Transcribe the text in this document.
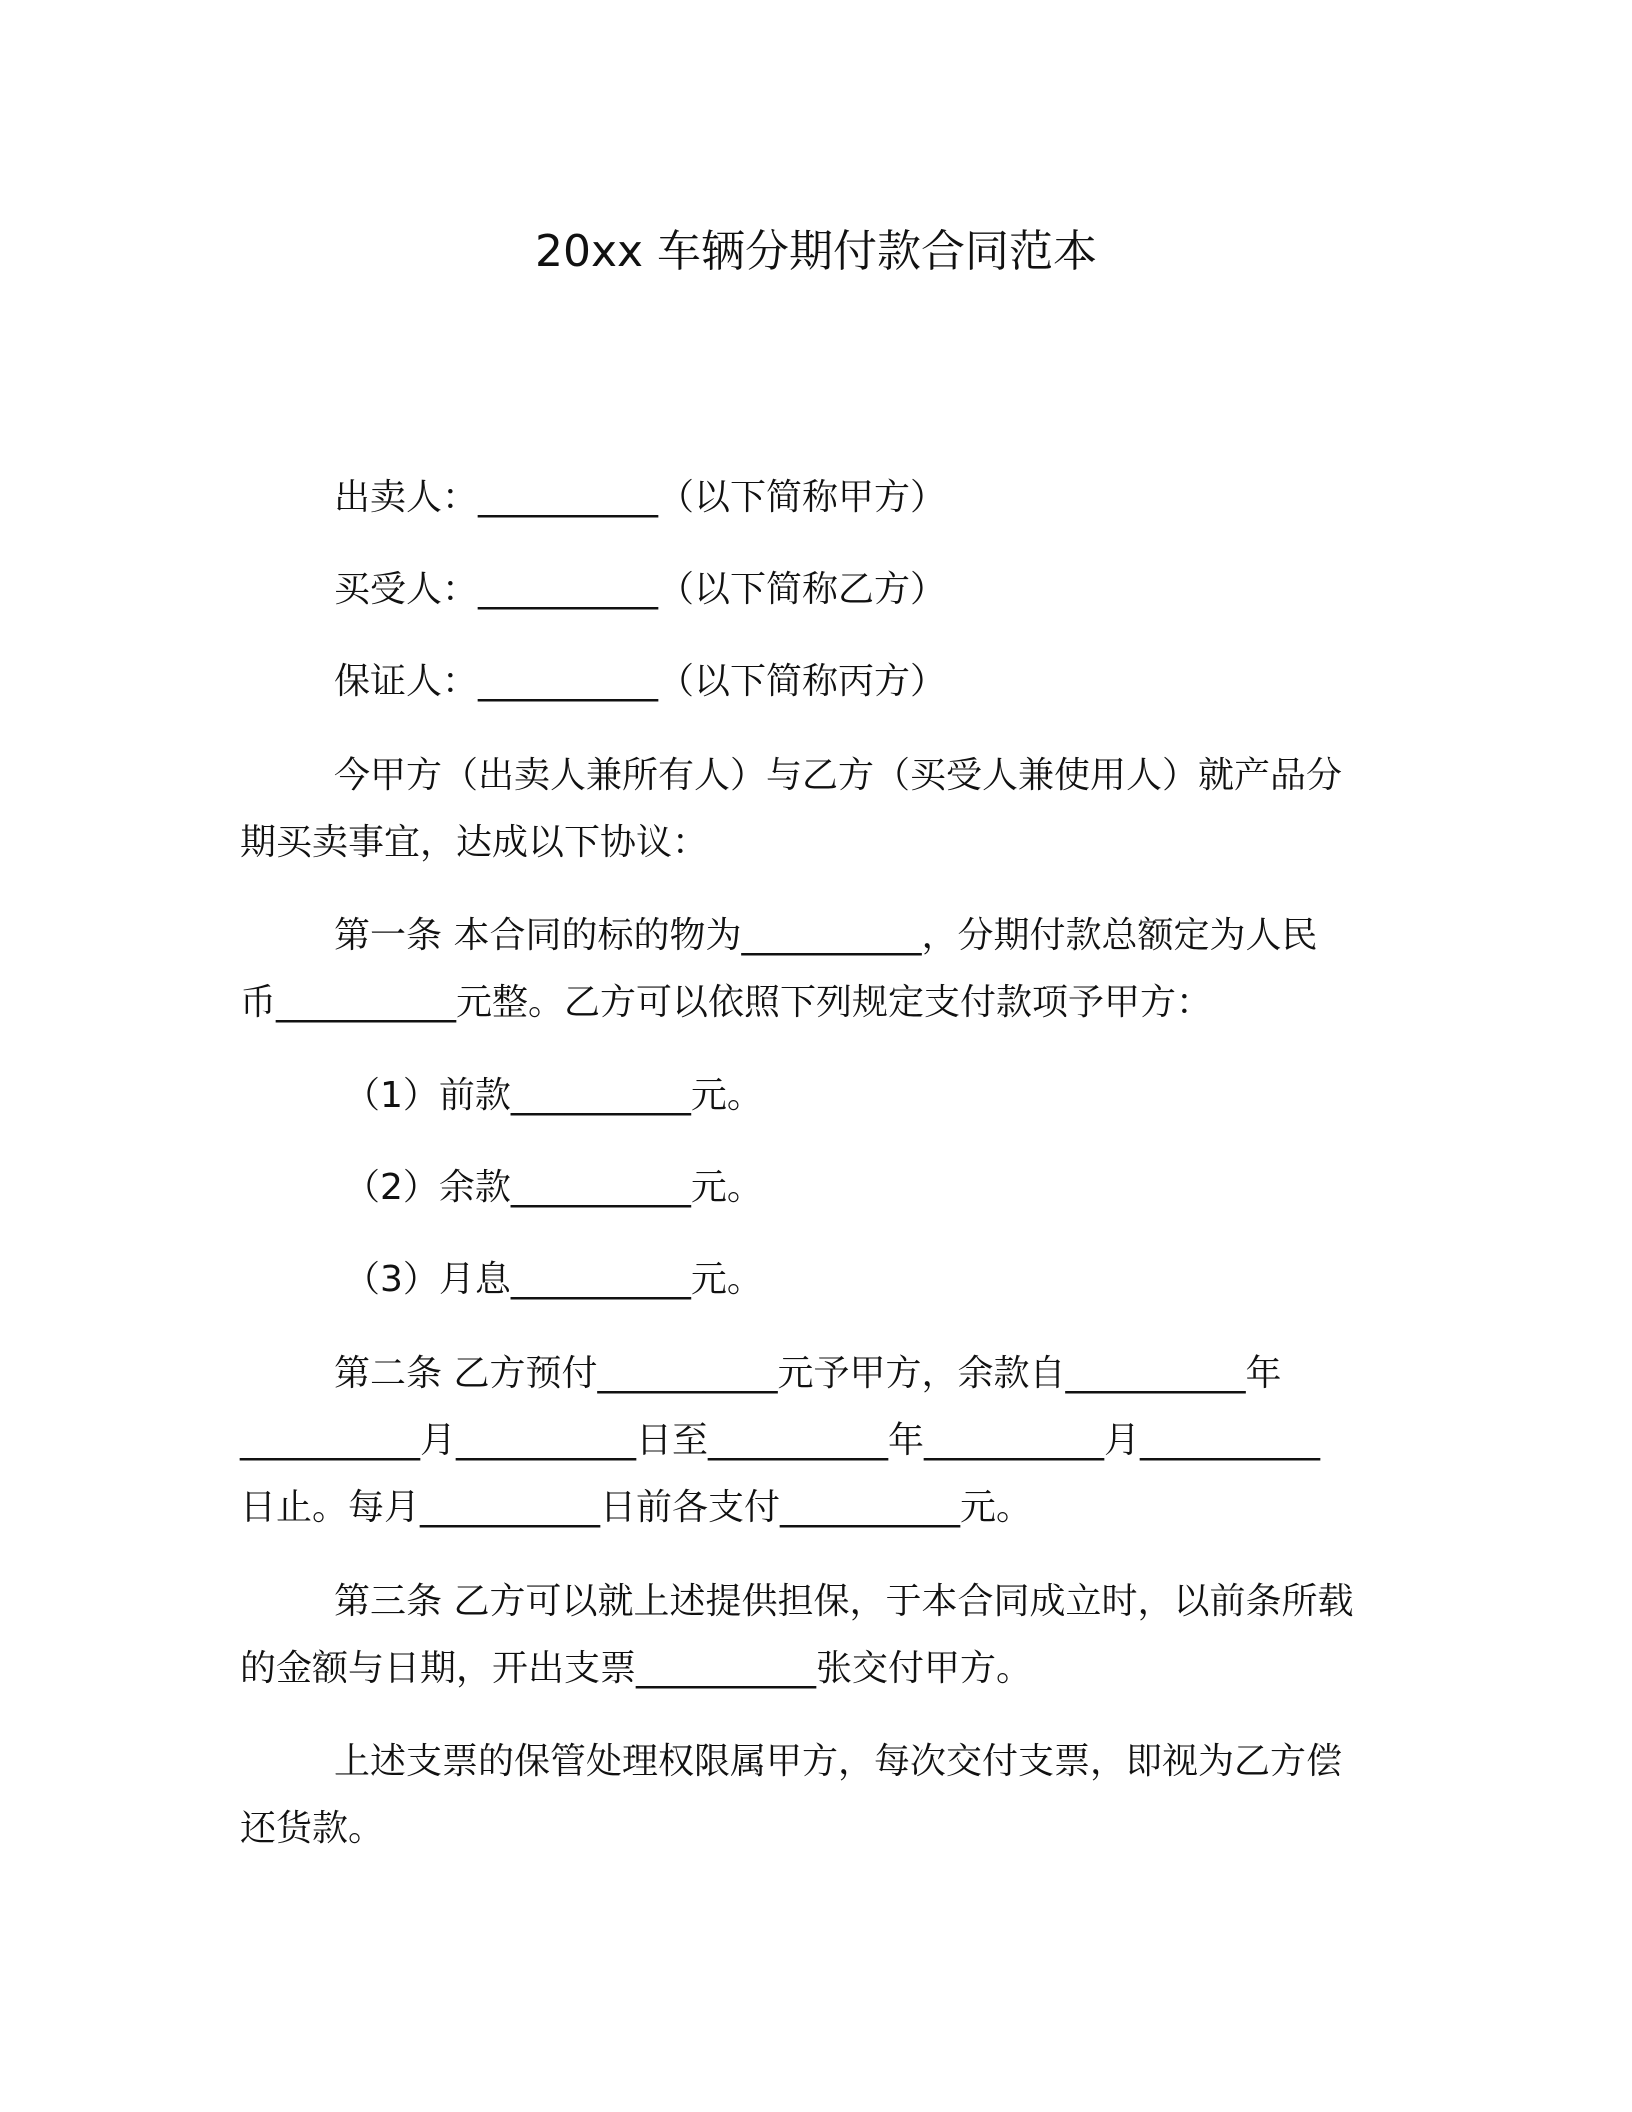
20xx 车辆分期付款合同范本

出卖人：__________（以下简称甲方）

买受人：__________（以下简称乙方）

保证人：__________（以下简称丙方）

今甲方（出卖人兼所有人）与乙方（买受人兼使用人）就产品分
期买卖事宜，达成以下协议：
第一条 本合同的标的物为__________，分期付款总额定为人民
币__________元整。乙方可以依照下列规定支付款项予甲方：

（1）前款__________元。

（2）余款__________元。

（3）月息__________元。

第二条 乙方预付__________元予甲方，余款自__________年
__________月__________日至__________年__________月__________
日止。每月__________日前各支付__________元。
第三条 乙方可以就上述提供担保，于本合同成立时，以前条所载
的金额与日期，开出支票__________张交付甲方。
上述支票的保管处理权限属甲方，每次交付支票，即视为乙方偿
还货款。
